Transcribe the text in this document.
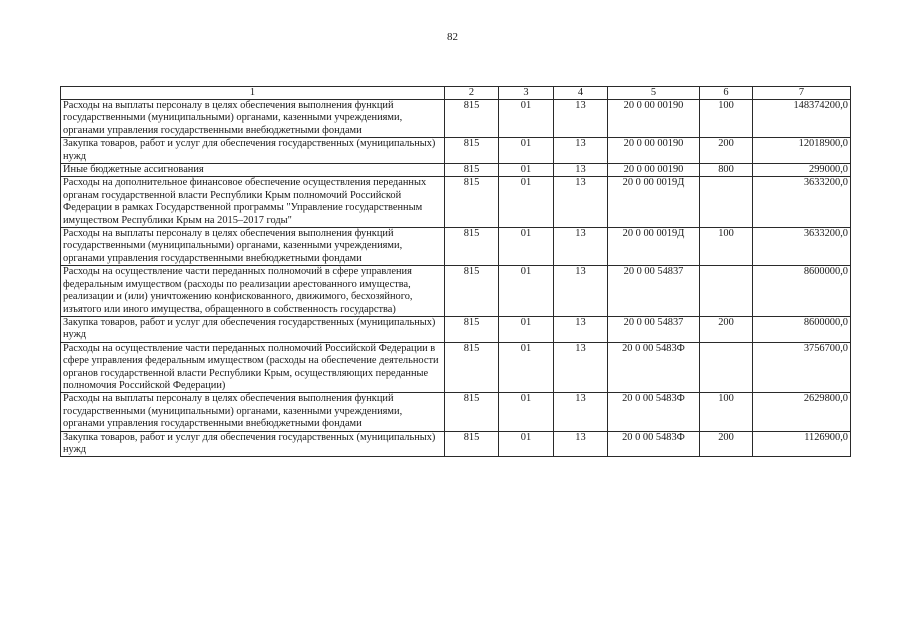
82
1	2	3	4	5	6	7
Расходы на выплаты персоналу в целях обеспечения выполнения функций государственными (муниципальными) органами, казенными учреждениями, органами управления государственными внебюджетными фондами	815	01	13	20 0 00 00190	100	148374200,0
Закупка товаров, работ и услуг для обеспечения государственных (муниципальных) нужд	815	01	13	20 0 00 00190	200	12018900,0
Иные бюджетные ассигнования	815	01	13	20 0 00 00190	800	299000,0
Расходы на дополнительное финансовое обеспечение осуществления переданных органам государственной власти Республики Крым полномочий Российской Федерации в рамках Государственной программы "Управление государственным имуществом Республики Крым на 2015–2017 годы"	815	01	13	20 0 00 0019Д		3633200,0
Расходы на выплаты персоналу в целях обеспечения выполнения функций государственными (муниципальными) органами, казенными учреждениями, органами управления государственными внебюджетными фондами	815	01	13	20 0 00 0019Д	100	3633200,0
Расходы на осуществление части переданных полномочий в сфере управления федеральным имуществом (расходы по реализации арестованного имущества, реализации и (или) уничтожению конфискованного, движимого, бесхозяйного, изъятого или иного имущества, обращенного в собственность государства)	815	01	13	20 0 00 54837		8600000,0
Закупка товаров, работ и услуг для обеспечения государственных (муниципальных) нужд	815	01	13	20 0 00 54837	200	8600000,0
Расходы на осуществление части переданных полномочий Российской Федерации в сфере управления федеральным имуществом (расходы на обеспечение деятельности органов государственной власти Республики Крым, осуществляющих переданные полномочия Российской Федерации)	815	01	13	20 0 00 5483Ф		3756700,0
Расходы на выплаты персоналу в целях обеспечения выполнения функций государственными (муниципальными) органами, казенными учреждениями, органами управления государственными внебюджетными фондами	815	01	13	20 0 00 5483Ф	100	2629800,0
Закупка товаров, работ и услуг для обеспечения государственных (муниципальных) нужд	815	01	13	20 0 00 5483Ф	200	1126900,0
